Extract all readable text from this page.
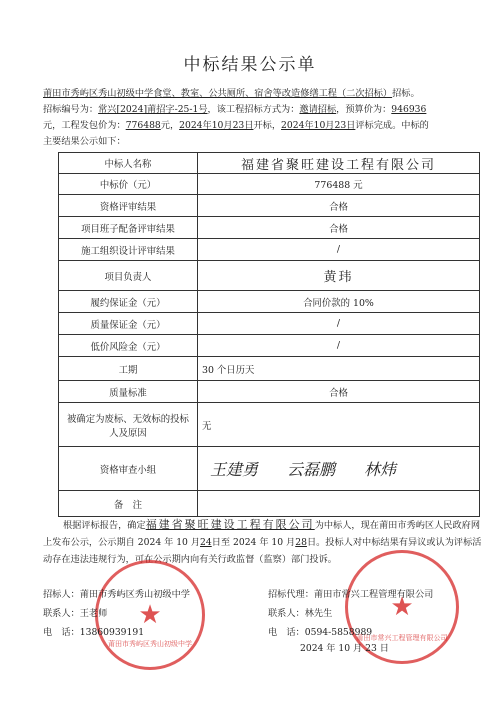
中标结果公示单
莆田市秀屿区秀山初级中学食堂、教室、公共厕所、宿舍等改造修缮工程（二次招标）招标。
招标编号为：常兴[2024]莆招字-25-1号，该工程招标方式为：邀请招标，预算价为：946936
元，工程发包价为：776488元，2024年10月23日开标，2024年10月23日评标完成。中标的
主要结果公示如下：
中标人名称	福建省聚旺建设工程有限公司
中标价（元）	776488 元
资格评审结果	合格
项目班子配备评审结果	合格
施工组织设计评审结果	/
项目负责人	黄玮
履约保证金（元）	合同价款的 10%
质量保证金（元）	/
低价风险金（元）	/
工期	30 个日历天
质量标准	合格
被确定为废标、无效标的投标人及原因	无
资格审查小组	王建勇 云磊鹏 林炜
备　注	
根据评标报告，确定福建省聚旺建设工程有限公司为中标人，现在莆田市秀屿区人民政府网上发布公示，公示期自 2024 年 10 月24日至 2024 年 10 月28日。投标人对中标结果有异议或认为评标活动存在违法违规行为，可在公示期内向有关行政监督（监察）部门投诉。
★
莆田市秀屿区秀山初级中学
★
莆田市常兴工程管理有限公司
招标人：莆田市秀屿区秀山初级中学
联系人：王老师
电　话：13860939191
招标代理：莆田市常兴工程管理有限公司
联系人：林先生
电　话：0594-5858989
2024 年 10 月 23 日
